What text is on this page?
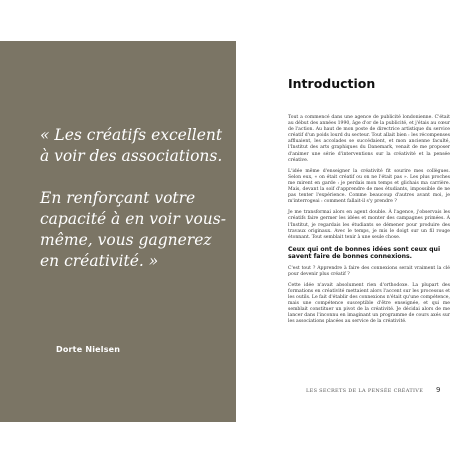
« Les créatifs excellent à voir des associations.

En renforçant votre capacité à en voir vous-même, vous gagnerez en créativité. »

Dorte Nielsen
Introduction

Tout a commencé dans une agence de publicité londonienne. C'était au début des années 1990, âge d'or de la publicité, et j'étais au cœur de l'action. Au haut de mon poste de directrice artistique du service créatif d'un poids lourd du secteur. Tout allait bien : les récompenses affluaient, les accolades se succédaient, et mon ancienne faculté, l'Institut des arts graphiques du Danemark, venait de me proposer d'animer une série d'interventions sur la créativité et la pensée créative.

L'idée même d'enseigner la créativité fit sourire mes collègues. Selon eux, « on était créatif ou on ne l'était pas ». Les plus proches me mirent en garde : je perdais mon temps et glichais ma carrière. Mais, devant la soif d'apprendre de mes étudiants, impossible de ne pas tenter l'expérience. Comme beaucoup d'autres avant moi, je m'interrogeai : comment fallait-il s'y prendre ?

Je me transformai alors en agent double. À l'agence, j'observais les créatifs faire germer les idées et monter des campagnes primées. À l'Institut, je regardais les étudiants se démener pour produire des travaux originaux. Avec le temps, je mis le doigt sur un fil rouge étonnant. Tout semblait tenir à une seule chose.

Ceux qui ont de bonnes idées sont ceux qui savent faire de bonnes connexions.

C'est tout ? Apprendre à faire des connexions serait vraiment la clé pour devenir plus créatif ?

Cette idée n'avait absolument rien d'orthodoxe. La plupart des formations en créativité mettaient alors l'accent sur les processus et les outils. Le fait d'établir des connexions n'était qu'une compétence, mais une compétence susceptible d'être enseignée, et qui me semblait constituer un pivot de la créativité. Je décidai alors de me lancer dans l'inconnu en imaginant un programme de cours axés sur les associations placées au service de la créativité.

LES SECRETS DE LA PENSÉE CRÉATIVE 9
